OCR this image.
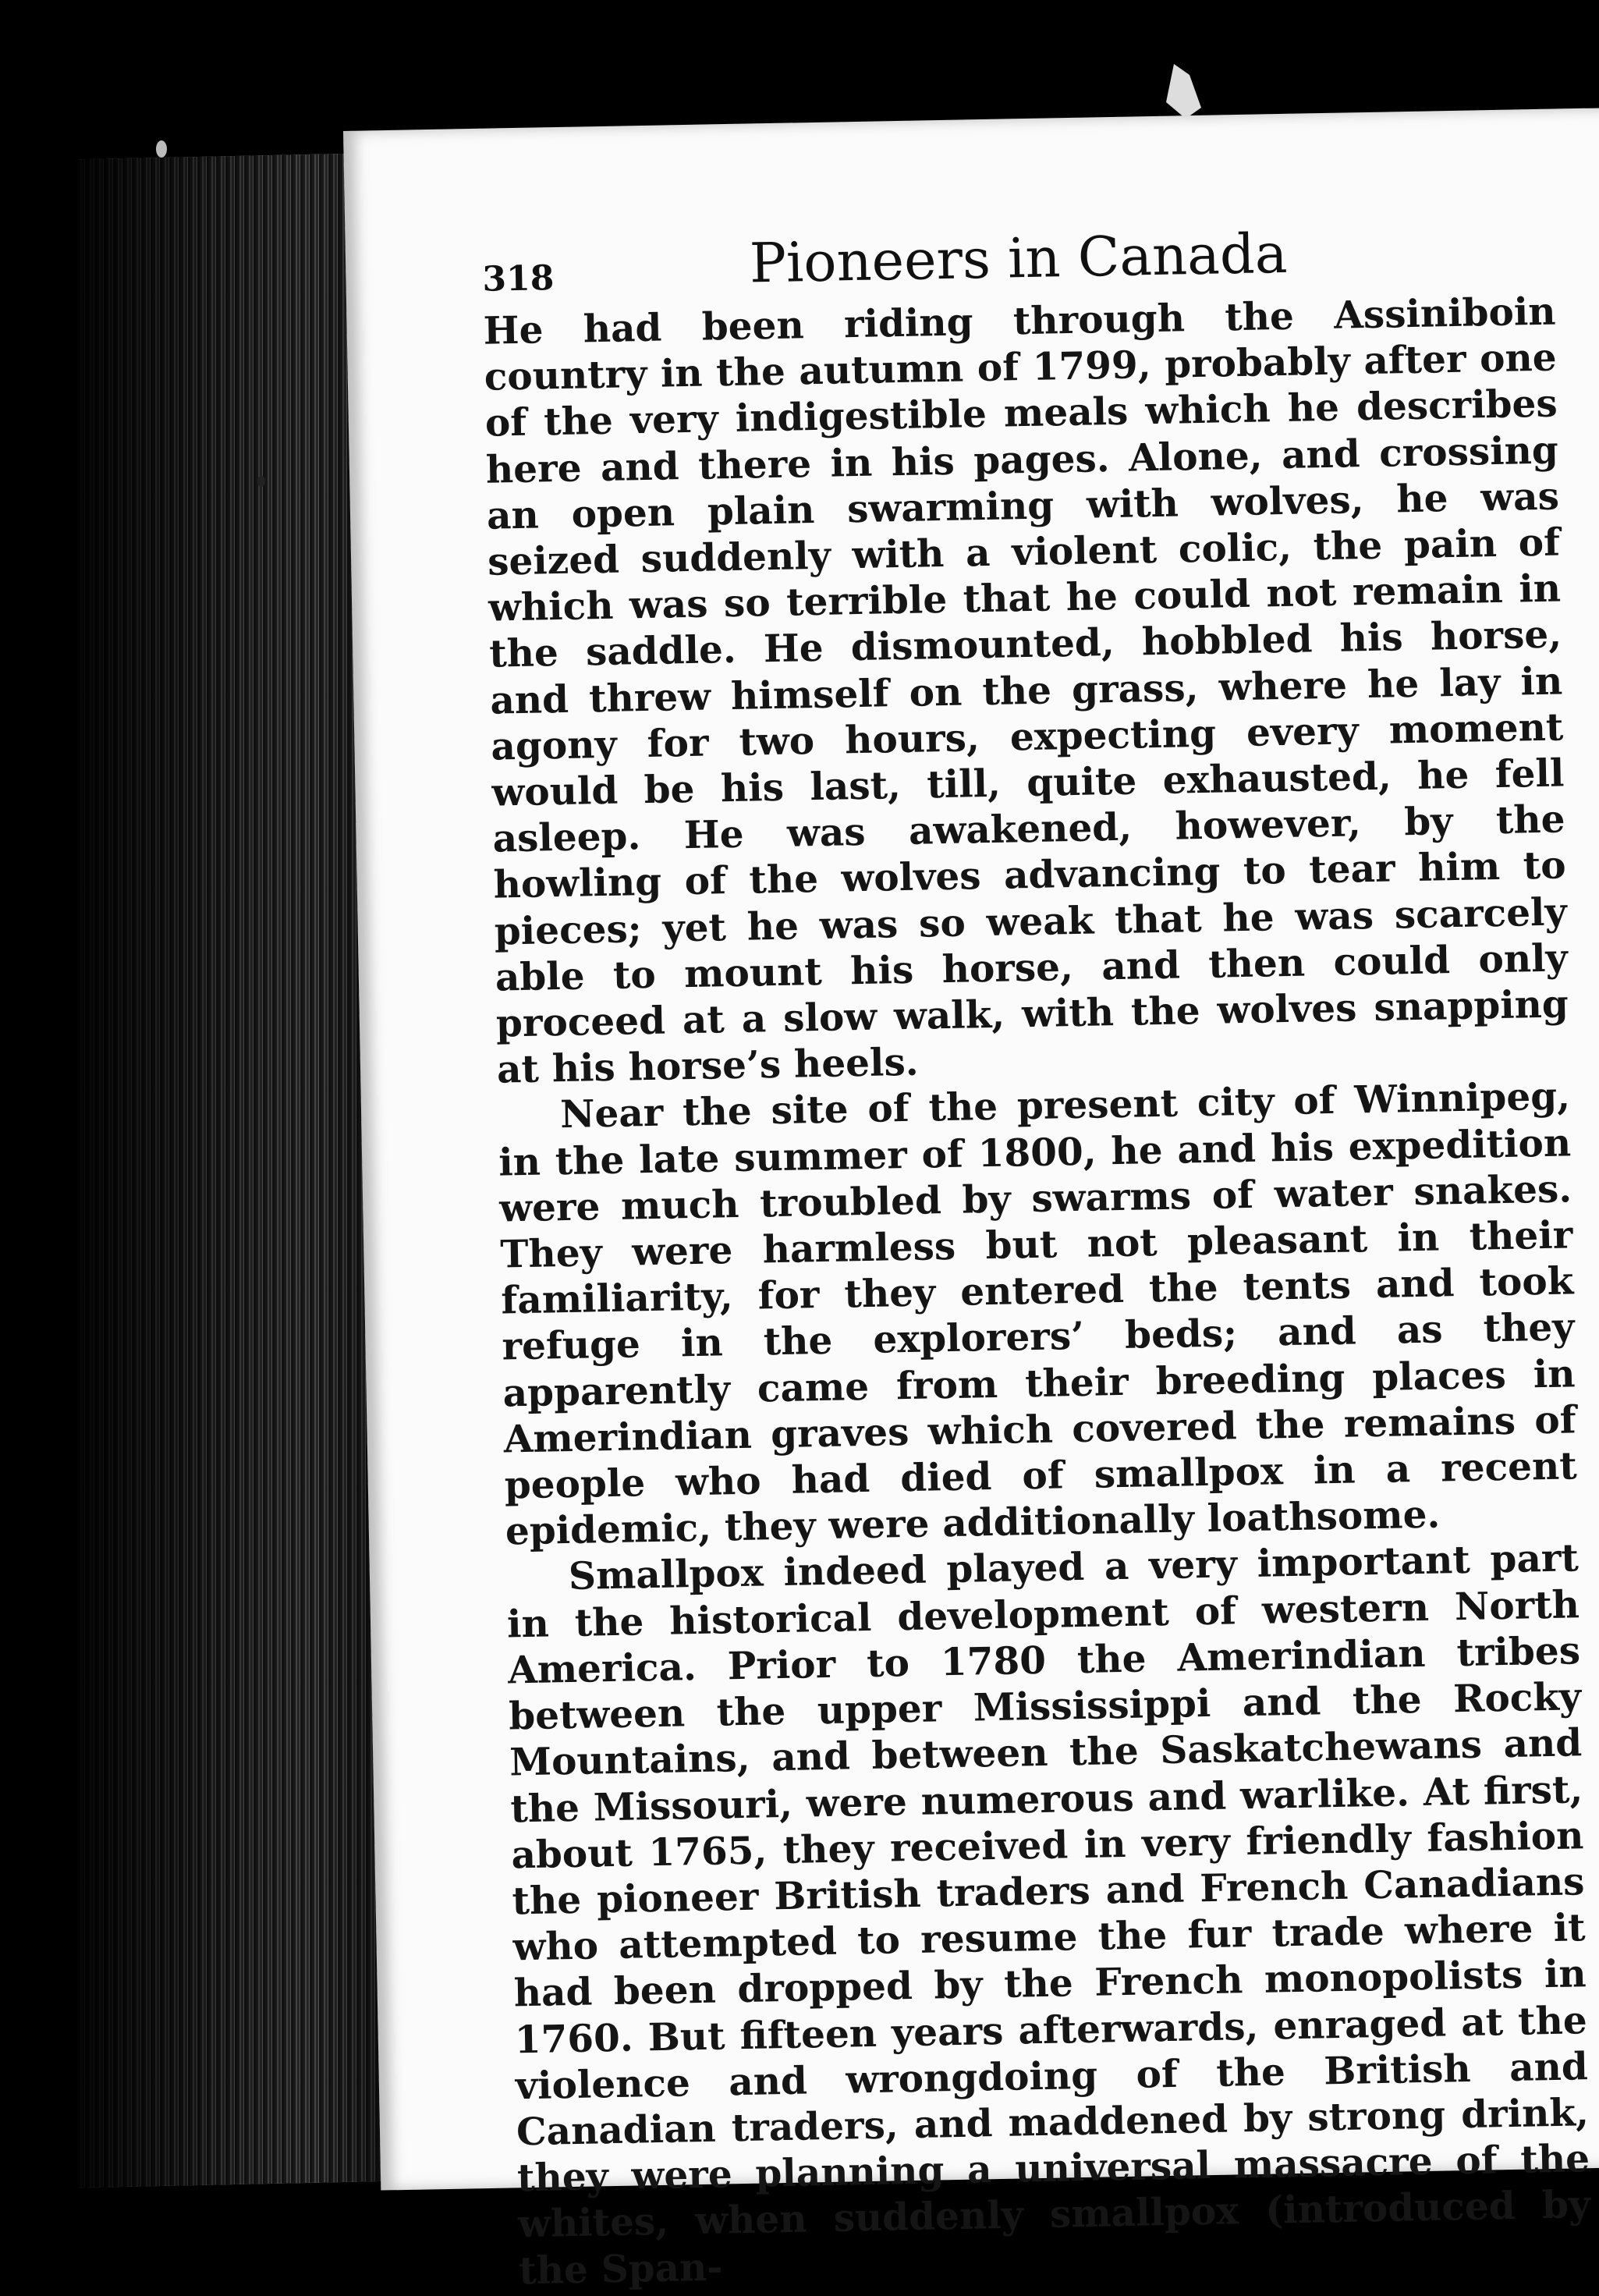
318	Pioneers in Canada

He had been riding through the Assiniboin country in the autumn of 1799, probably after one of the very indigestible meals which he describes here and there in his pages. Alone, and crossing an open plain swarming with wolves, he was seized suddenly with a violent colic, the pain of which was so terrible that he could not remain in the saddle. He dismounted, hobbled his horse, and threw himself on the grass, where he lay in agony for two hours, expecting every moment would be his last, till, quite exhausted, he fell asleep. He was awakened, however, by the howling of the wolves advancing to tear him to pieces; yet he was so weak that he was scarcely able to mount his horse, and then could only proceed at a slow walk, with the wolves snapping at his horse’s heels.

Near the site of the present city of Winnipeg, in the late summer of 1800, he and his expedition were much troubled by swarms of water snakes. They were harmless but not pleasant in their familiarity, for they entered the tents and took refuge in the explorers’ beds; and as they apparently came from their breeding places in Amerindian graves which covered the remains of people who had died of smallpox in a recent epidemic, they were additionally loathsome.

Smallpox indeed played a very important part in the historical development of western North America. Prior to 1780 the Amerindian tribes between the upper Mississippi and the Rocky Mountains, and between the Saskatchewans and the Missouri, were numerous and warlike. At first, about 1765, they received in very friendly fashion the pioneer British traders and French Canadians who attempted to resume the fur trade where it had been dropped by the French monopolists in 1760. But fifteen years afterwards, enraged at the violence and wrongdoing of the British and Canadian traders, and maddened by strong drink, they were planning a universal massacre of the whites, when suddenly smallpox (introduced by the Span-
